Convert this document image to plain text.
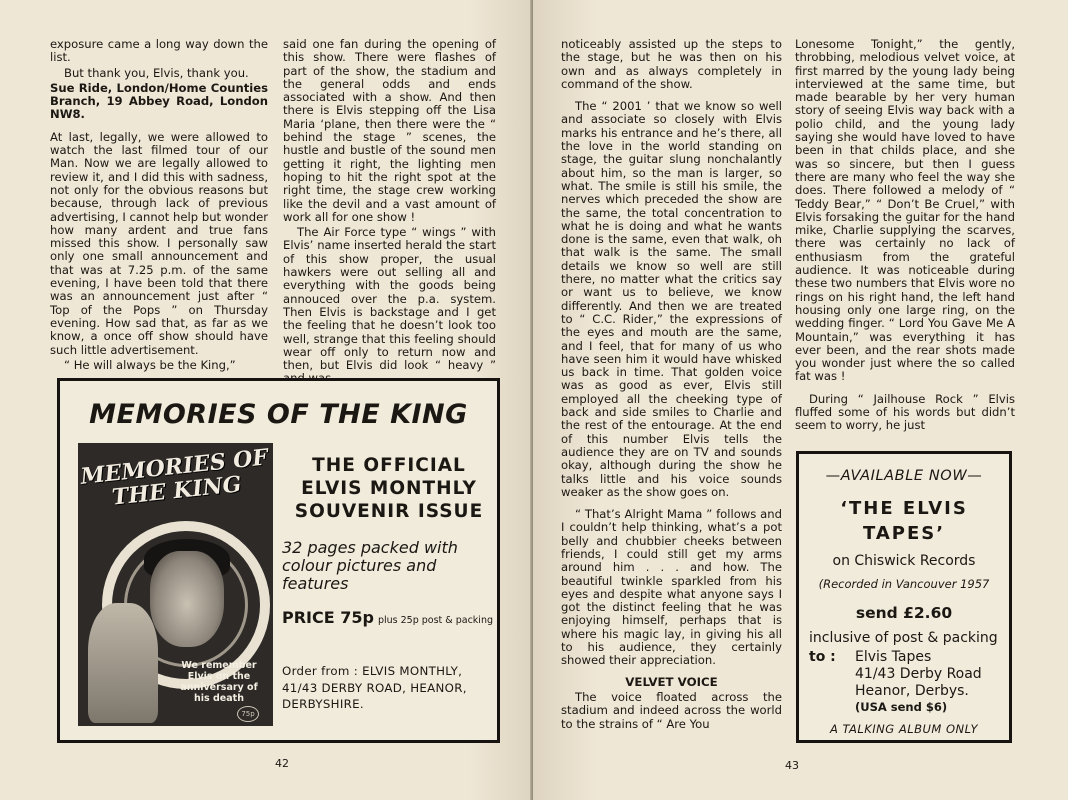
exposure came a long way down the list.

But thank you, Elvis, thank you.

Sue Ride, London/Home Counties Branch, 19 Abbey Road, London NW8.

At last, legally, we were allowed to watch the last filmed tour of our Man. Now we are legally allowed to review it, and I did this with sadness, not only for the obvious reasons but because, through lack of previous advertising, I cannot help but wonder how many ardent and true fans missed this show. I personally saw only one small announcement and that was at 7.25 p.m. of the same evening, I have been told that there was an announcement just after “ Top of the Pops ” on Thursday evening. How sad that, as far as we know, a once off show should have such little advertisement.

“ He will always be the King,”

said one fan during the opening of this show. There were flashes of part of the show, the stadium and the general odds and ends associated with a show. And then there is Elvis stepping off the Lisa Maria ‘plane, then there were the “ behind the stage ” scenes, the hustle and bustle of the sound men getting it right, the lighting men hoping to hit the right spot at the right time, the stage crew working like the devil and a vast amount of work all for one show !

The Air Force type “ wings ” with Elvis’ name inserted herald the start of this show proper, the usual hawkers were out selling all and everything with the goods being annouced over the p.a. system. Then Elvis is backstage and I get the feeling that he doesn’t look too well, strange that this feeling should wear off only to return now and then, but Elvis did look “ heavy ”

MEMORIES OF THE KING
MEMORIES OF THE KING
We remember Elvis on the anniversary of his death
75p
THE OFFICIAL ELVIS MONTHLY SOUVENIR ISSUE
32 pages packed with colour pictures and features
PRICE 75p plus 25p post & packing
Order from : ELVIS MONTHLY, 41/43 DERBY ROAD, HEANOR, DERBYSHIRE.
42

noticeably assisted up the steps to the stage, but he was then on his own and as always completely in command of the show.

The “ 2001 ’ that we know so well and associate so closely with Elvis marks his entrance and he’s there, all the love in the world standing on stage, the guitar slung nonchalantly about him, so the man is larger, so what. The smile is still his smile, the nerves which preceded the show are the same, the total concentration to what he is doing and what he wants done is the same, even that walk, oh that walk is the same. The small details we know so well are still there, no matter what the critics say or want us to believe, we know differently. And then we are treated to “ C.C. Rider,” the expressions of the eyes and mouth are the same, and I feel, that for many of us who have seen him it would have whisked us back in time. That golden voice was as good as ever, Elvis still employed all the cheeking type of back and side smiles to Charlie and the rest of the entourage. At the end of this number Elvis tells the audience they are on TV and sounds okay, although during the show he talks little and his voice sounds weaker as the show goes on.

“ That’s Alright Mama ” follows and I couldn’t help thinking, what’s a pot belly and chubbier cheeks between friends, I could still get my arms around him . . . and how. The beautiful twinkle sparkled from his eyes and despite what anyone says I got the distinct feeling that he was enjoying himself, perhaps that is where his magic lay, in giving his all to his audience, they certainly showed their appreciation.

VELVET VOICE

The voice floated across the stadium and indeed across the world to the strains of “ Are You

Lonesome Tonight,” the gently, throbbing, melodious velvet voice, at first marred by the young lady being interviewed at the same time, but made bearable by her very human story of seeing Elvis way back with a polio child, and the young lady saying she would have loved to have been in that childs place, and she was so sincere, but then I guess there are many who feel the way she does. There followed a melody of “ Teddy Bear,” “ Don’t Be Cruel,” with Elvis forsaking the guitar for the hand mike, Charlie supplying the scarves, there was certainly no lack of enthusiasm from the grateful audience. It was noticeable during these two numbers that Elvis wore no rings on his right hand, the left hand housing only one large ring, on the wedding finger. “ Lord You Gave Me A Mountain,” was everything it has ever been, and the rear shots made you wonder just where the so called fat was !

During “ Jailhouse Rock ” Elvis fluffed some of his words but didn’t seem to worry, he just

—AVAILABLE NOW—
‘THE ELVIS TAPES’
on Chiswick Records
(Recorded in Vancouver 1957
send £2.60
inclusive of post & packing
to : Elvis Tapes
41/43 Derby Road
Heanor, Derbys.
(USA send $6)
A TALKING ALBUM ONLY
43
